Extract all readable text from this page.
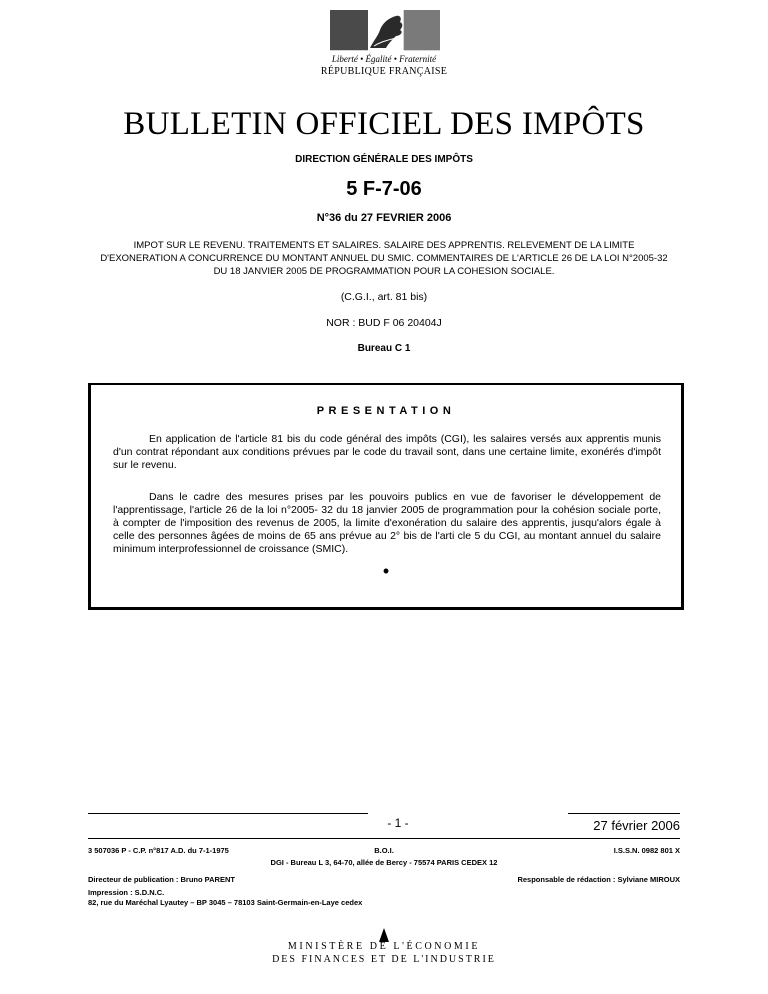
Liberté • Égalité • Fraternité
RÉPUBLIQUE FRANÇAISE
BULLETIN OFFICIEL DES IMPÔTS
DIRECTION GÉNÉRALE DES IMPÔTS
5 F-7-06
N°36 du 27 FEVRIER 2006
IMPOT SUR LE REVENU. TRAITEMENTS ET SALAIRES. SALAIRE DES APPRENTIS. RELEVEMENT DE LA LIMITE D'EXONERATION A CONCURRENCE DU MONTANT ANNUEL DU SMIC. COMMENTAIRES DE L'ARTICLE 26 DE LA LOI N°2005-32 DU 18 JANVIER 2005 DE PROGRAMMATION POUR LA COHESION SOCIALE.
(C.G.I., art. 81 bis)
NOR : BUD F 06 20404J
Bureau C 1
PRESENTATION
En application de l'article 81 bis du code général des impôts (CGI), les salaires versés aux apprentis munis d'un contrat répondant aux conditions prévues par le code du travail sont, dans une certaine limite, exonérés d'impôt sur le revenu.
Dans le cadre des mesures prises par les pouvoirs publics en vue de favoriser le développement de l'apprentissage, l'article 26 de la loi n°2005- 32 du 18 janvier 2005 de programmation pour la cohésion sociale porte, à compter de l'imposition des revenus de 2005, la limite d'exonération du salaire des apprentis, jusqu'alors égale à celle des personnes âgées de moins de 65 ans prévue au 2° bis de l'arti cle 5 du CGI, au montant annuel du salaire minimum interprofessionnel de croissance (SMIC).
•
- 1 -	27 février 2006
3 507036 P - C.P. n°817 A.D. du 7-1-1975	B.O.I.	I.S.S.N. 0982 801 X
DGI - Bureau L 3, 64-70, allée de Bercy - 75574 PARIS CEDEX 12
Directeur de publication : Bruno PARENT	Responsable de rédaction : Sylviane MIROUX
Impression : S.D.N.C.
82, rue du Maréchal Lyautey – BP 3045 – 78103 Saint-Germain-en-Laye cedex
MINISTÈRE DE L'ÉCONOMIE
DES FINANCES ET DE L'INDUSTRIE
